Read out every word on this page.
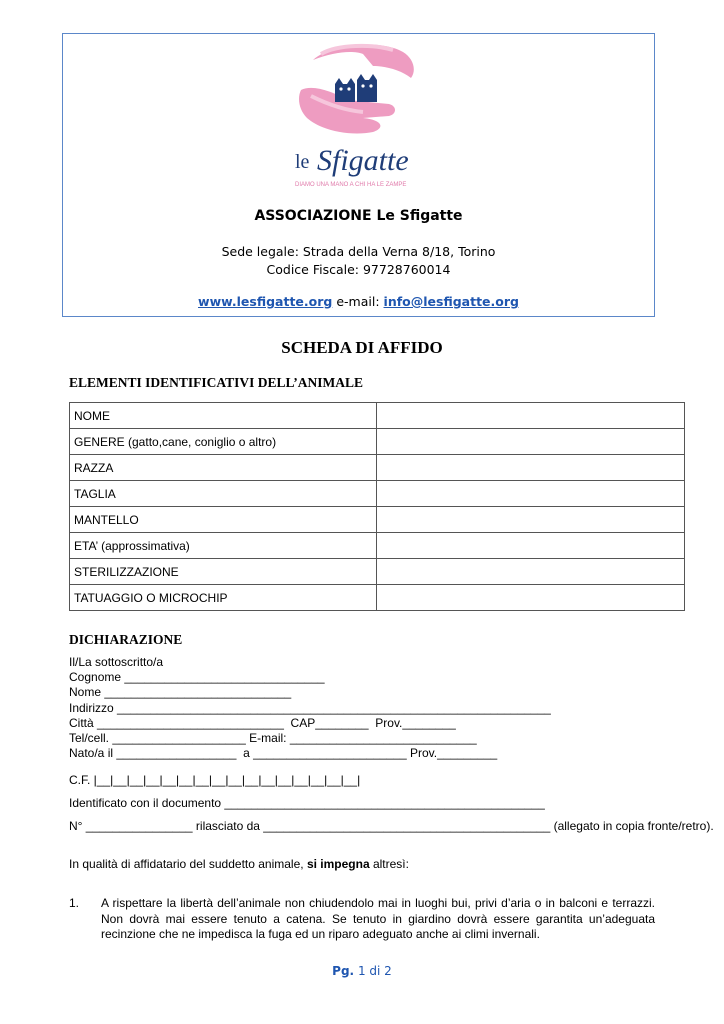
le Sfigatte
DIAMO UNA MANO A CHI HA LE ZAMPE
ASSOCIAZIONE Le Sfigatte
Sede legale: Strada della Verna 8/18, Torino
Codice Fiscale: 97728760014
www.lesfigatte.org e-mail: info@lesfigatte.org
SCHEDA DI AFFIDO
ELEMENTI IDENTIFICATIVI DELL’ANIMALE
NOME	
GENERE (gatto,cane, coniglio o altro)	
RAZZA	
TAGLIA	
MANTELLO	
ETA’ (approssimativa)	
STERILIZZAZIONE	
TATUAGGIO O MICROCHIP	
DICHIARAZIONE
Il/La sottoscritto/a
Cognome ______________________________
Nome ____________________________
Indirizzo _________________________________________________________________
Città ____________________________  CAP________  Prov.________
Tel/cell. ____________________ E-mail: ____________________________
Nato/a il __________________  a _______________________ Prov._________
C.F. |__|__|__|__|__|__|__|__|__|__|__|__|__|__|__|__|
Identificato con il documento ________________________________________________
N° ________________ rilasciato da ___________________________________________ (allegato in copia fronte/retro).
In qualità di affidatario del suddetto animale, si impegna altresì:
1. A rispettare la libertà dell’animale non chiudendolo mai in luoghi bui, privi d’aria o in balconi e terrazzi. Non dovrà mai essere tenuto a catena. Se tenuto in giardino dovrà essere garantita un’adeguata recinzione che ne impedisca la fuga ed un riparo adeguato anche ai climi invernali.
Pg. 1 di 2
